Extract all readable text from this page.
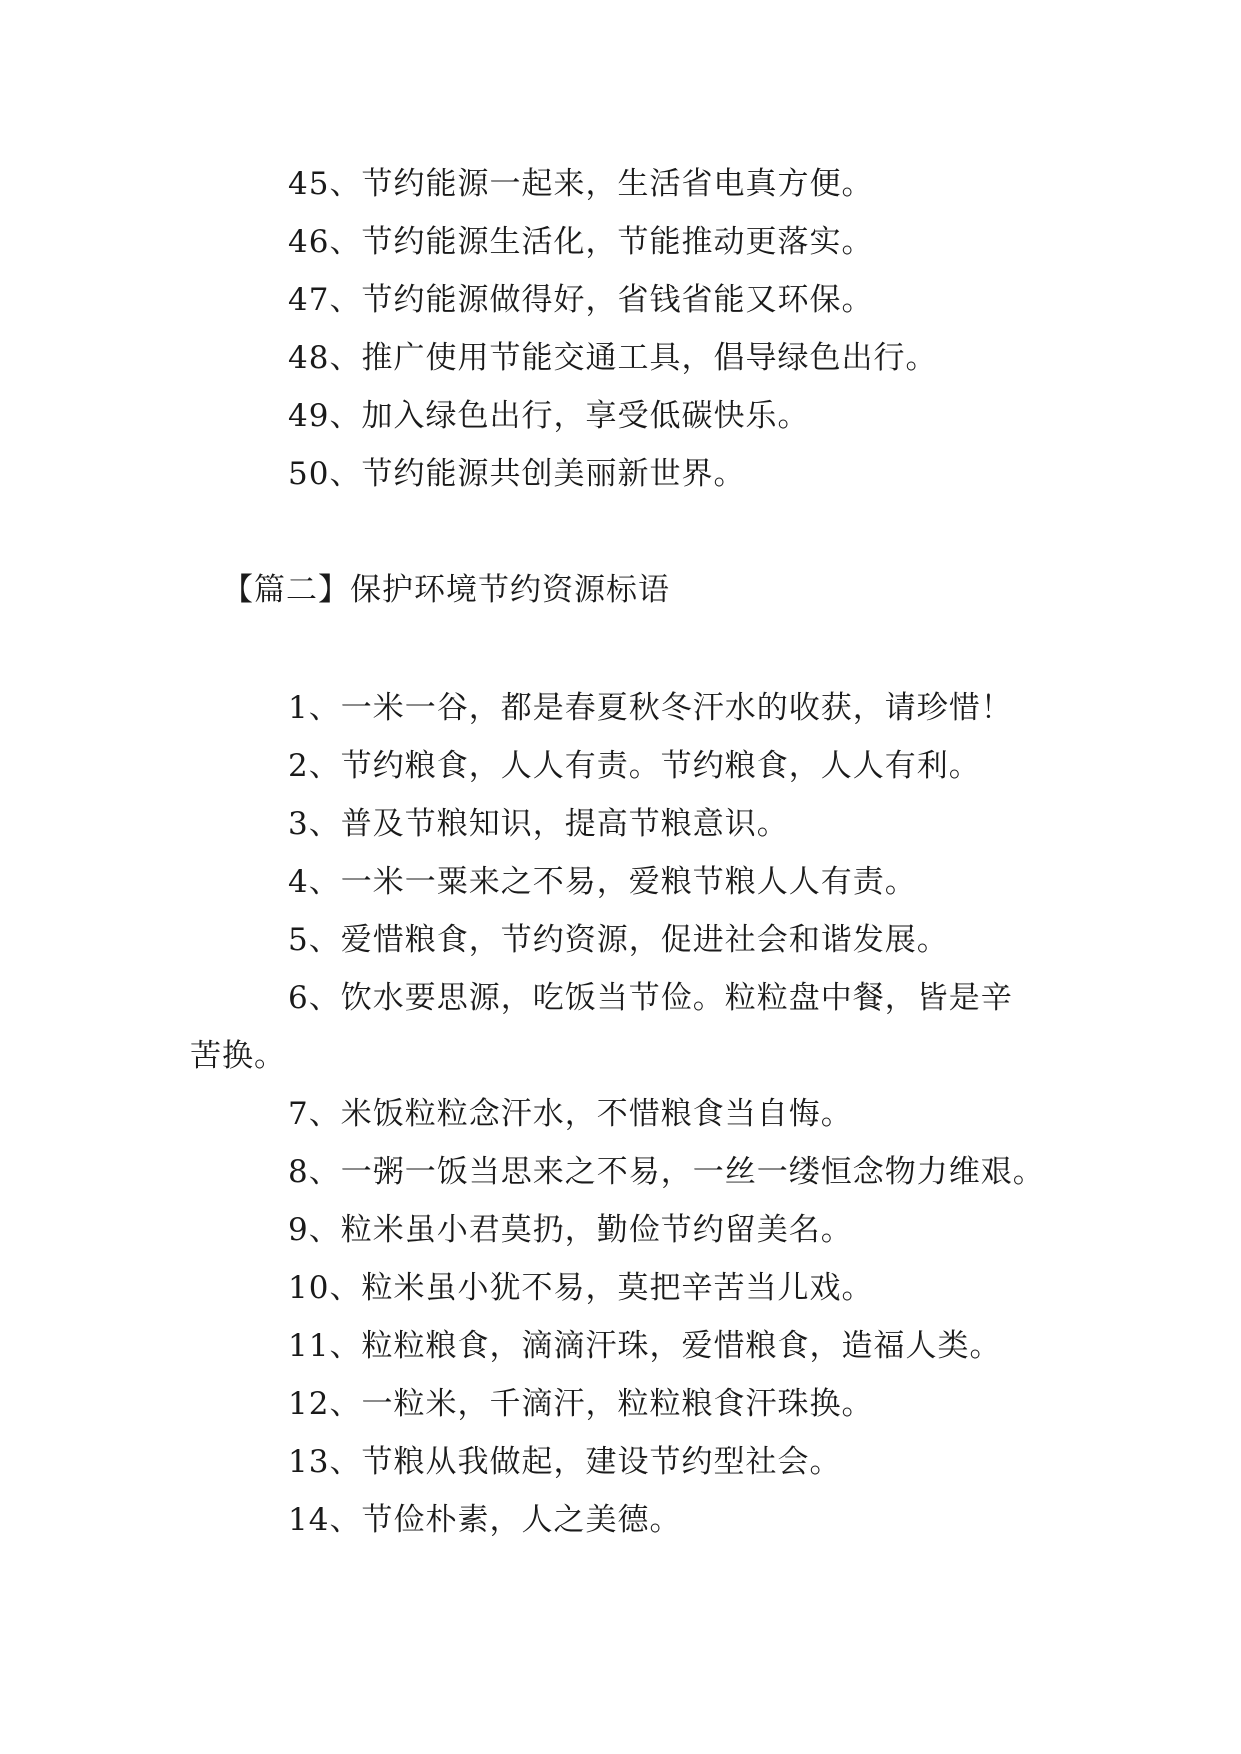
45、节约能源一起来，生活省电真方便。
46、节约能源生活化，节能推动更落实。
47、节约能源做得好，省钱省能又环保。
48、推广使用节能交通工具，倡导绿色出行。
49、加入绿色出行，享受低碳快乐。
50、节约能源共创美丽新世界。
【篇二】保护环境节约资源标语
1、一米一谷，都是春夏秋冬汗水的收获，请珍惜！
2、节约粮食，人人有责。节约粮食，人人有利。
3、普及节粮知识，提高节粮意识。
4、一米一粟来之不易，爱粮节粮人人有责。
5、爱惜粮食，节约资源，促进社会和谐发展。
6、饮水要思源，吃饭当节俭。粒粒盘中餐，皆是辛
苦换。
7、米饭粒粒念汗水，不惜粮食当自悔。
8、一粥一饭当思来之不易，一丝一缕恒念物力维艰。
9、粒米虽小君莫扔，勤俭节约留美名。
10、粒米虽小犹不易，莫把辛苦当儿戏。
11、粒粒粮食，滴滴汗珠，爱惜粮食，造福人类。
12、一粒米，千滴汗，粒粒粮食汗珠换。
13、节粮从我做起，建设节约型社会。
14、节俭朴素，人之美德。
